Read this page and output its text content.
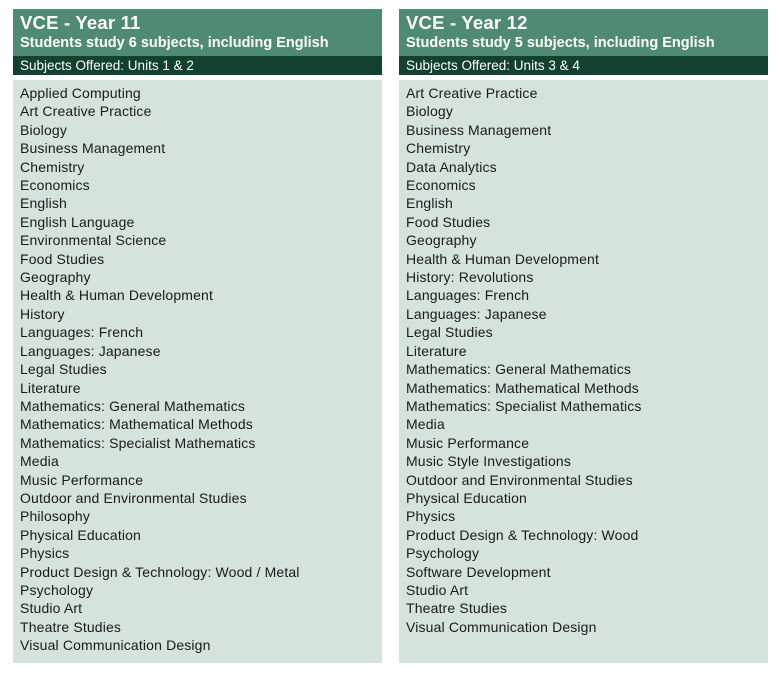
VCE - Year 11
Students study 6 subjects, including English
Subjects Offered: Units 1 & 2
Applied Computing
Art Creative Practice
Biology
Business Management
Chemistry
Economics
English
English Language
Environmental Science
Food Studies
Geography
Health & Human Development
History
Languages: French
Languages: Japanese
Legal Studies
Literature
Mathematics: General Mathematics
Mathematics: Mathematical Methods
Mathematics: Specialist Mathematics
Media
Music Performance
Outdoor and Environmental Studies
Philosophy
Physical Education
Physics
Product Design & Technology: Wood / Metal
Psychology
Studio Art
Theatre Studies
Visual Communication Design
VCE - Year 12
Students study 5 subjects, including English
Subjects Offered: Units 3 & 4
Art Creative Practice
Biology
Business Management
Chemistry
Data Analytics
Economics
English
Food Studies
Geography
Health & Human Development
History: Revolutions
Languages: French
Languages: Japanese
Legal Studies
Literature
Mathematics: General Mathematics
Mathematics: Mathematical Methods
Mathematics: Specialist Mathematics
Media
Music Performance
Music Style Investigations
Outdoor and Environmental Studies
Physical Education
Physics
Product Design & Technology: Wood
Psychology
Software Development
Studio Art
Theatre Studies
Visual Communication Design
